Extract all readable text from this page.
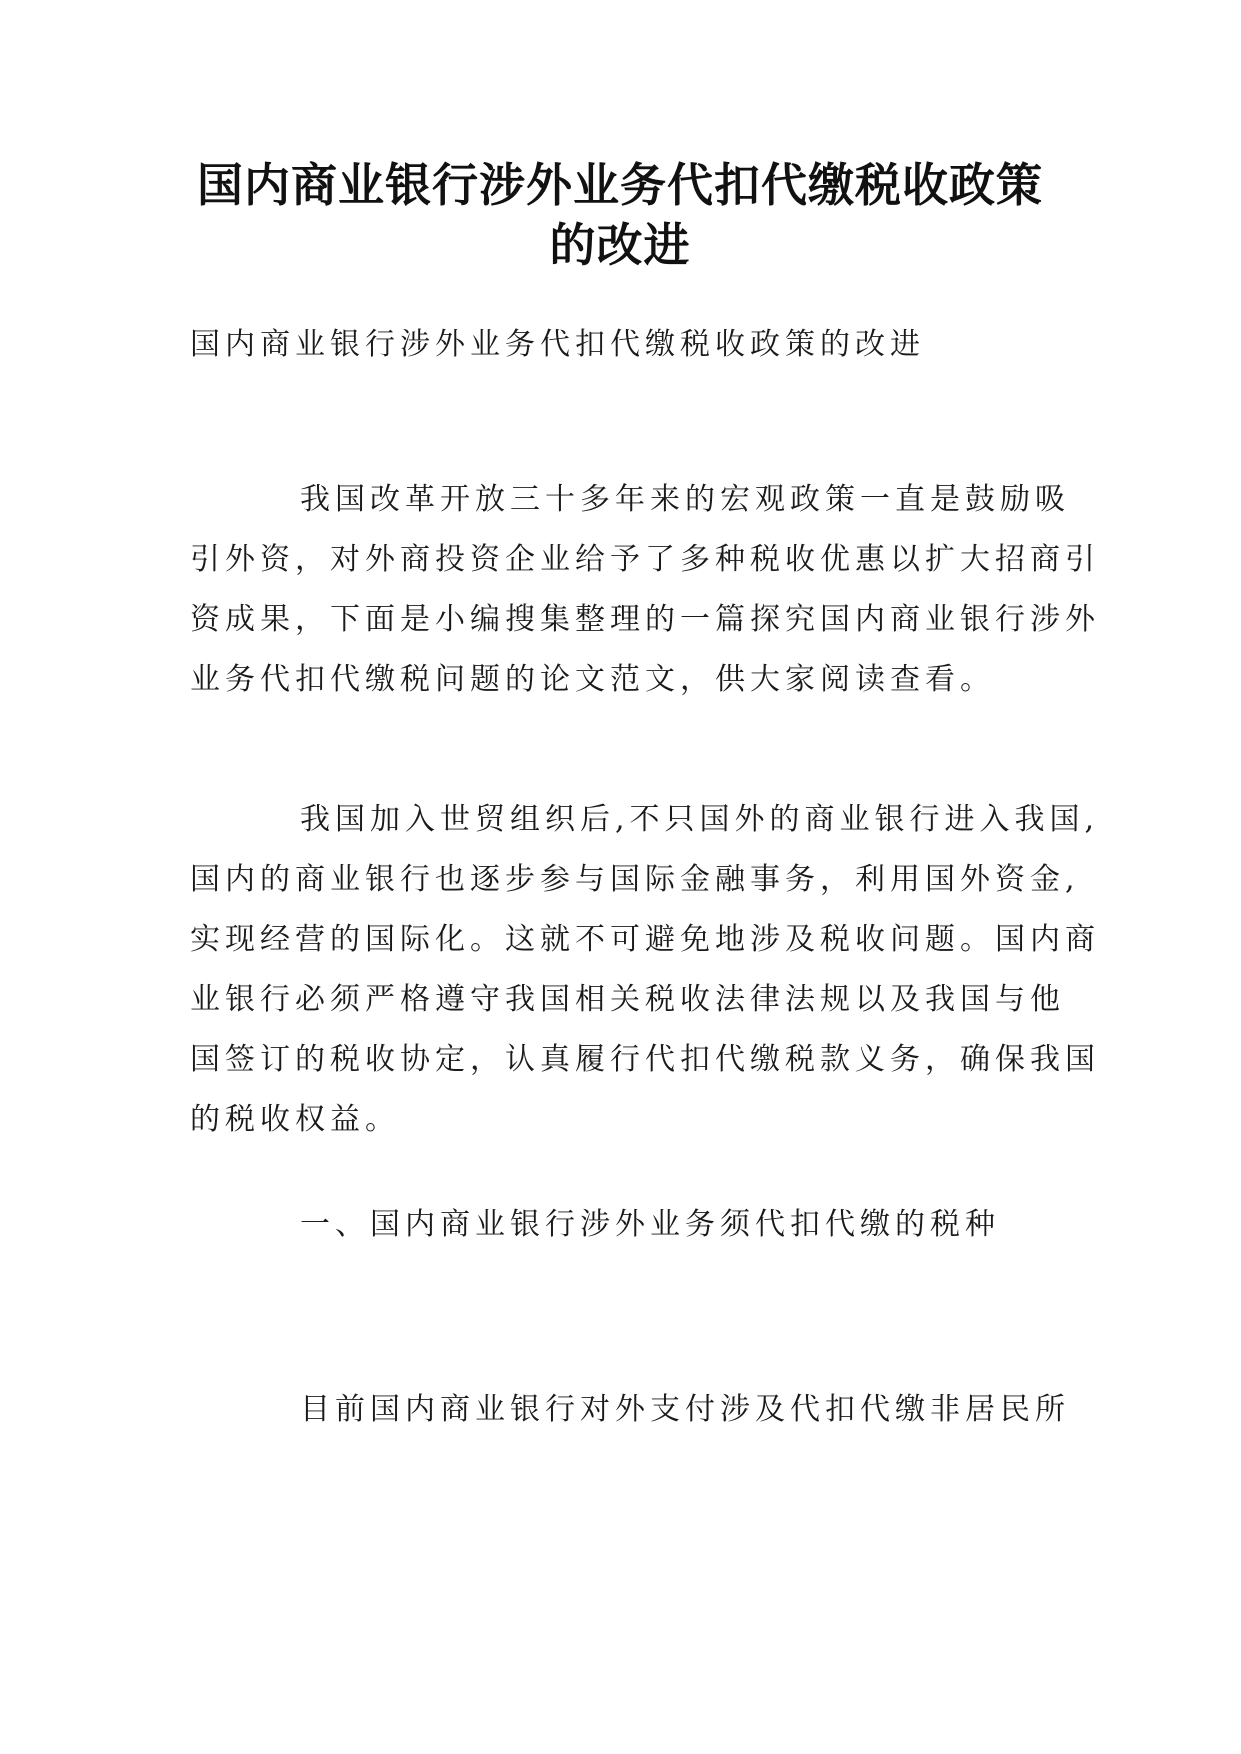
国内商业银行涉外业务代扣代缴税收政策
的改进
国内商业银行涉外业务代扣代缴税收政策的改进
我国改革开放三十多年来的宏观政策一直是鼓励吸
引外资，对外商投资企业给予了多种税收优惠以扩大招商引
资成果，下面是小编搜集整理的一篇探究国内商业银行涉外
业务代扣代缴税问题的论文范文，供大家阅读查看。
我国加入世贸组织后,不只国外的商业银行进入我国,
国内的商业银行也逐步参与国际金融事务，利用国外资金,
实现经营的国际化。这就不可避免地涉及税收问题。国内商
业银行必须严格遵守我国相关税收法律法规以及我国与他
国签订的税收协定，认真履行代扣代缴税款义务，确保我国
的税收权益。
一、国内商业银行涉外业务须代扣代缴的税种
目前国内商业银行对外支付涉及代扣代缴非居民所
